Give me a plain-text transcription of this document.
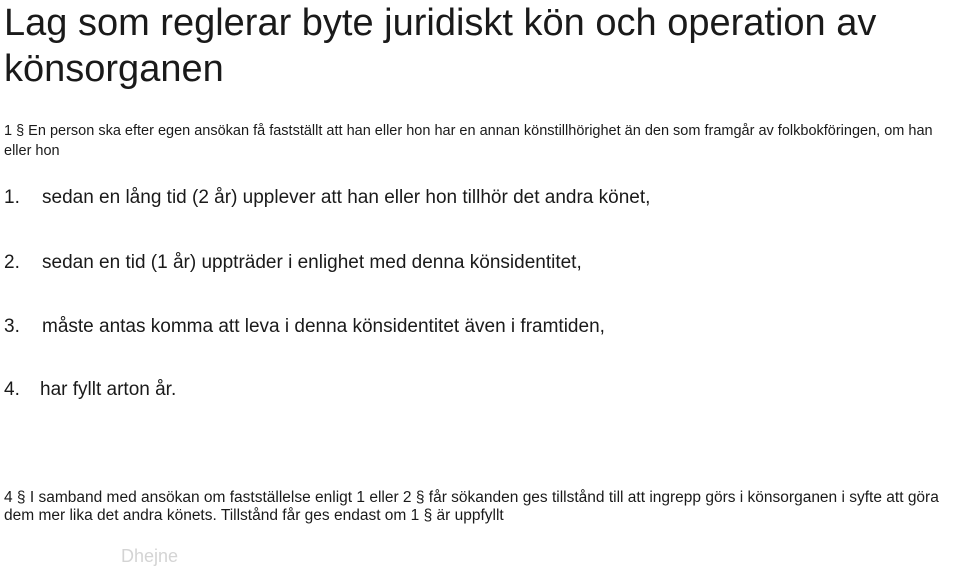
Lag som reglerar byte juridiskt kön och operation av könsorganen
1 § En person ska efter egen ansökan få fastställt att han eller hon har en annan könstillhörighet än den som framgår av folkbokföringen, om han eller hon
1. sedan en lång tid (2 år) upplever att han eller hon tillhör det andra könet,
2. sedan en tid (1 år) uppträder i enlighet med denna könsidentitet,
3. måste antas komma att leva i denna könsidentitet även i framtiden,
4. har fyllt arton år.
4 § I samband med ansökan om fastställelse enligt 1 eller 2 § får sökanden ges tillstånd till att ingrepp görs i könsorganen i syfte att göra dem mer lika det andra könets. Tillstånd får ges endast om 1 § är uppfyllt
Dhejne
